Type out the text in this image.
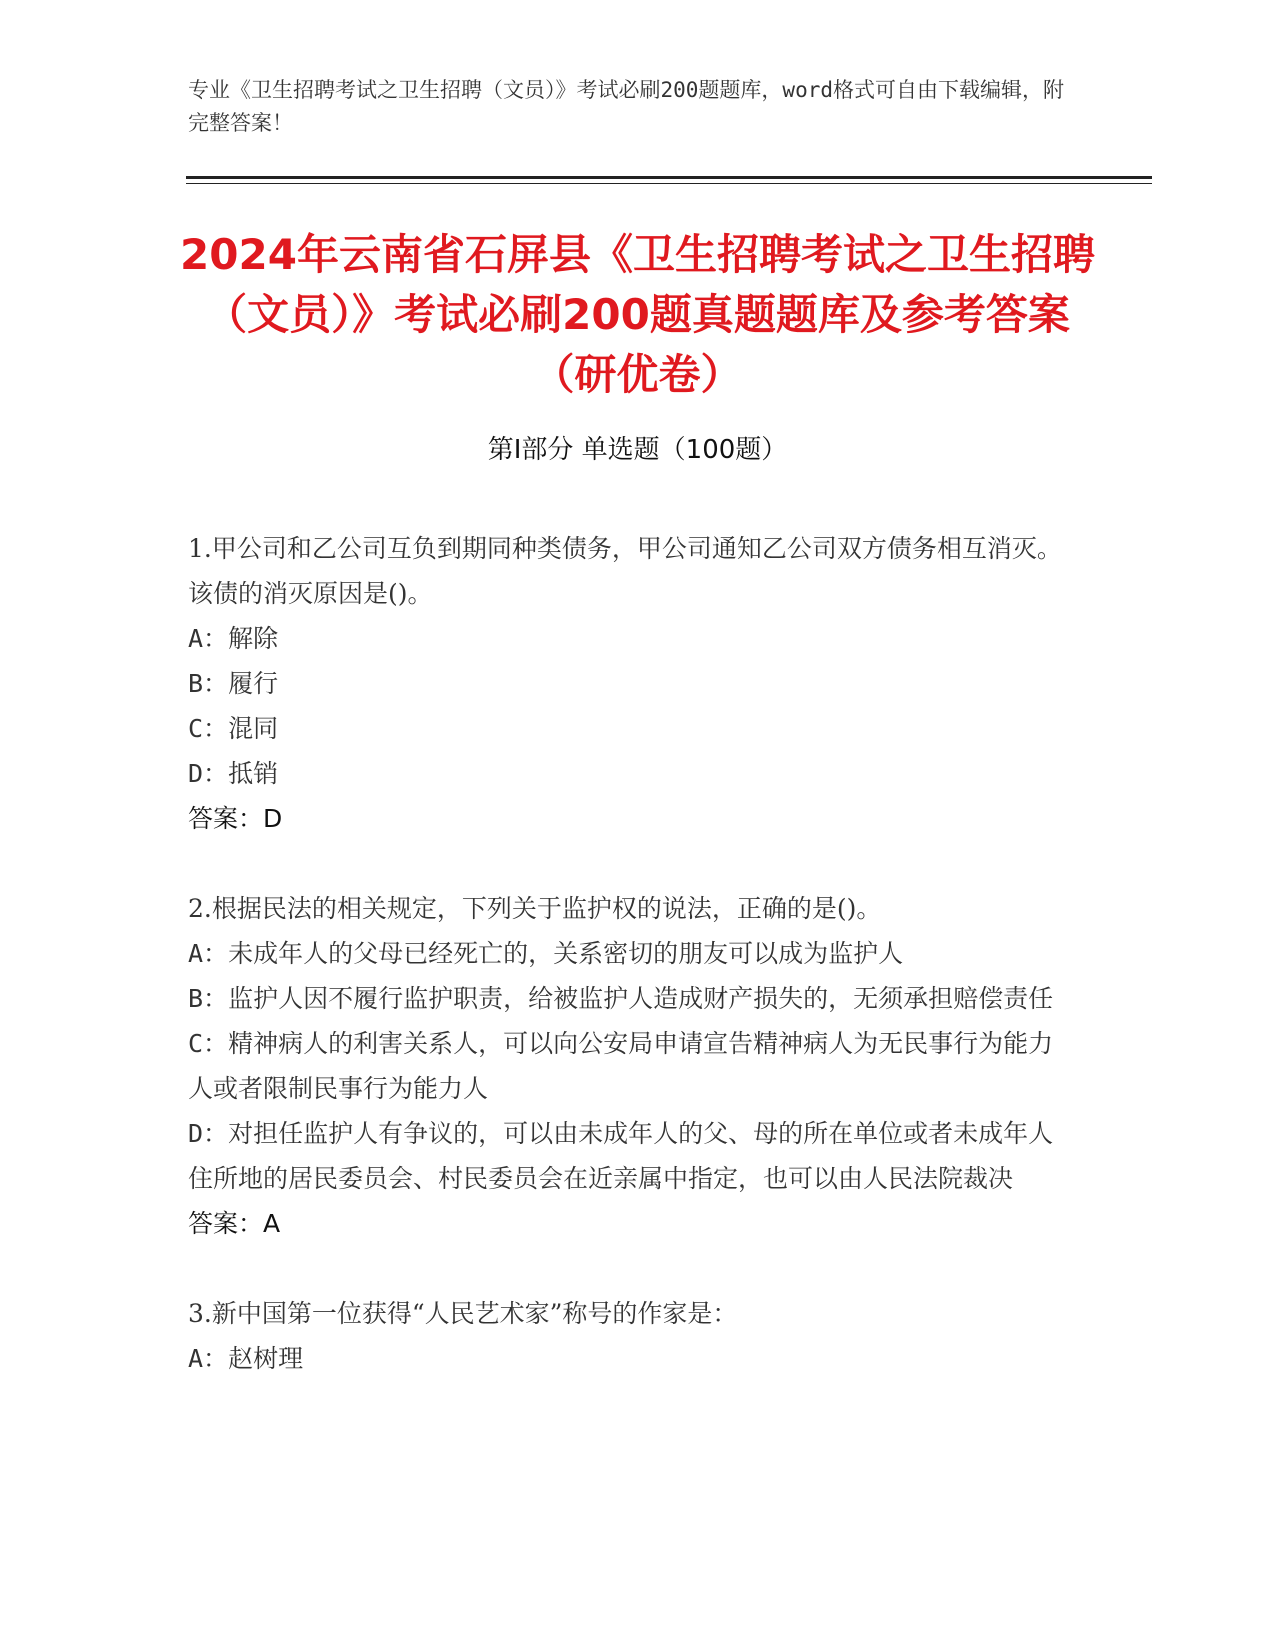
专业《卫生招聘考试之卫生招聘（文员）》考试必刷200题题库，word格式可自由下载编辑，附完整答案！
2024年云南省石屏县《卫生招聘考试之卫生招聘（文员）》考试必刷200题真题题库及参考答案（研优卷）
第Ⅰ部分 单选题（100题）

1.甲公司和乙公司互负到期同种类债务，甲公司通知乙公司双方债务相互消灭。该债的消灭原因是()。

A：解除

B：履行

C：混同

D：抵销

答案：D

2.根据民法的相关规定，下列关于监护权的说法，正确的是()。

A：未成年人的父母已经死亡的，关系密切的朋友可以成为监护人

B：监护人因不履行监护职责，给被监护人造成财产损失的，无须承担赔偿责任

C：精神病人的利害关系人，可以向公安局申请宣告精神病人为无民事行为能力人或者限制民事行为能力人

D：对担任监护人有争议的，可以由未成年人的父、母的所在单位或者未成年人住所地的居民委员会、村民委员会在近亲属中指定，也可以由人民法院裁决

答案：A

3.新中国第一位获得“人民艺术家”称号的作家是：

A：赵树理
